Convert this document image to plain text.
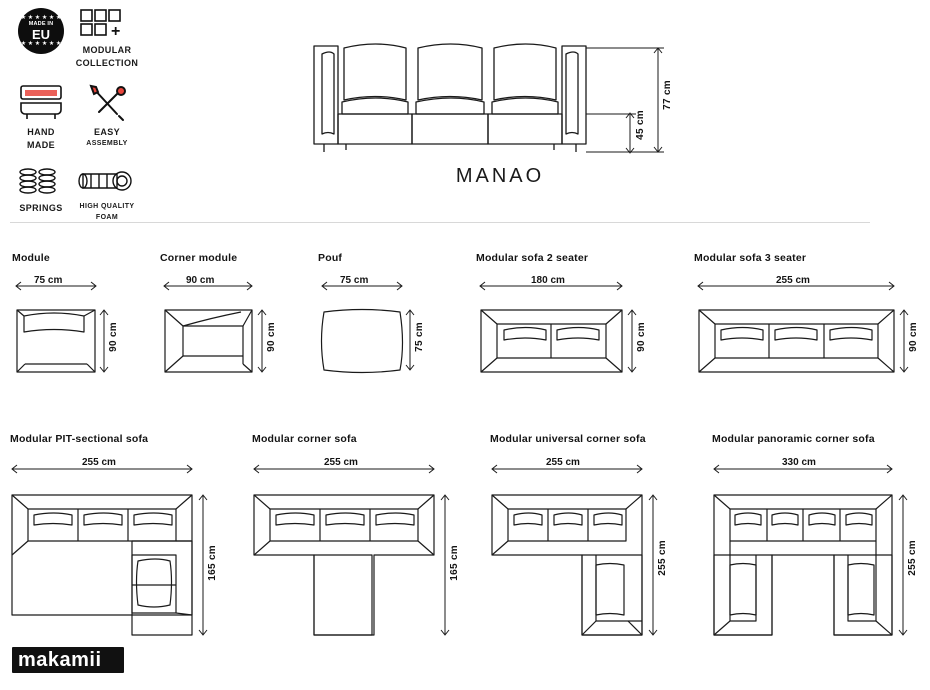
★ ★ ★ ★ ★ ★
MADE IN
EU
★ ★ ★ ★ ★ ★
+
MODULAR
COLLECTION
HAND
MADE
EASY
ASSEMBLY
SPRINGS HIGH QUALITY
FOAM
77 cm
45 cm
MANAO
Module
75 cm
90 cm
Corner module
90 cm
90 cm
Pouf
75 cm
75 cm
Modular sofa 2 seater
180 cm
90 cm
Modular sofa 3 seater
255 cm
90 cm
Modular PIT-sectional sofa
255 cm
165 cm
Modular corner sofa
255 cm
165 cm
Modular universal corner sofa
255 cm
255 cm
Modular panoramic corner sofa
330 cm
255 cm
makamii
